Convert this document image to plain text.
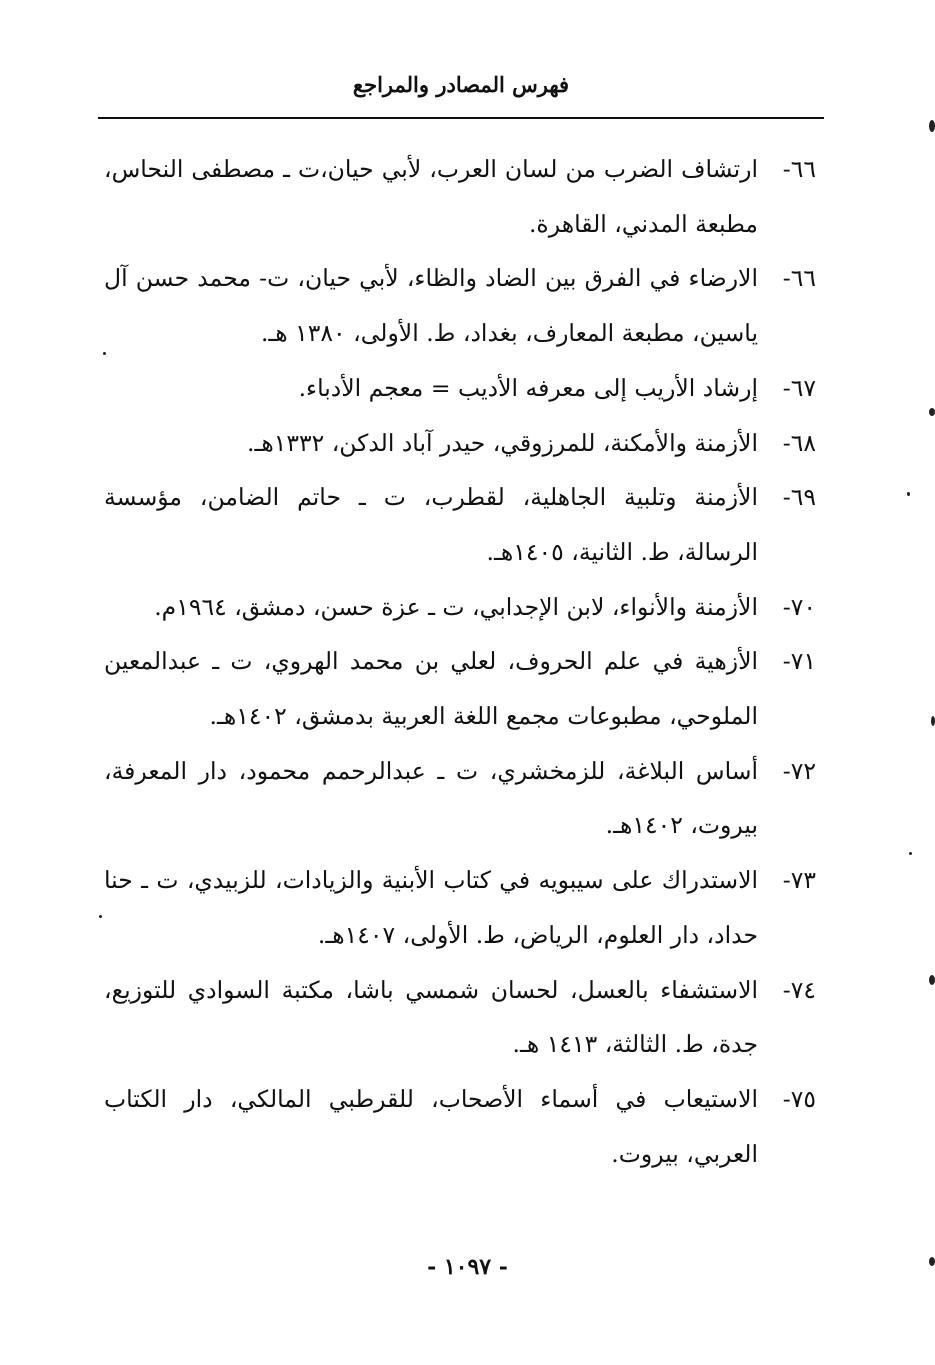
فهرس المصادر والمراجع
٦٦-
ارتشاف الضرب من لسان العرب، لأبي حيان،ت ـ مصطفى النحاس، مطبعة المدني، القاهرة.
٦٦-
الارضاء في الفرق بين الضاد والظاء، لأبي حيان، ت- محمد حسن آل ياسين، مطبعة المعارف، بغداد، ط. الأولى، ١٣٨٠ هـ.
٦٧-
إرشاد الأريب إلى معرفه الأديب = معجم الأدباء.
٦٨-
الأزمنة والأمكنة، للمرزوقي، حيدر آباد الدكن، ١٣٣٢هـ.
٦٩-
الأزمنة وتلبية الجاهلية، لقطرب، ت ـ حاتم الضامن، مؤسسة الرسالة، ط. الثانية، ١٤٠٥هـ.
٧٠-
الأزمنة والأنواء، لابن الإجدابي، ت ـ عزة حسن، دمشق، ١٩٦٤م.
٧١-
الأزهية في علم الحروف، لعلي بن محمد الهروي، ت ـ عبدالمعين الملوحي، مطبوعات مجمع اللغة العربية بدمشق، ١٤٠٢هـ.
٧٢-
أساس البلاغة، للزمخشري، ت ـ عبدالرحمم محمود، دار المعرفة، بيروت، ١٤٠٢هـ.
٧٣-
الاستدراك على سيبويه في كتاب الأبنية والزيادات، للزبيدي، ت ـ حنا حداد، دار العلوم، الرياض، ط. الأولى، ١٤٠٧هـ.
٧٤-
الاستشفاء بالعسل، لحسان شمسي باشا، مكتبة السوادي للتوزيع، جدة، ط. الثالثة، ١٤١٣ هـ.
٧٥-
الاستيعاب في أسماء الأصحاب، للقرطبي المالكي، دار الكتاب العربي، بيروت.
- ١٠٩٧ -
